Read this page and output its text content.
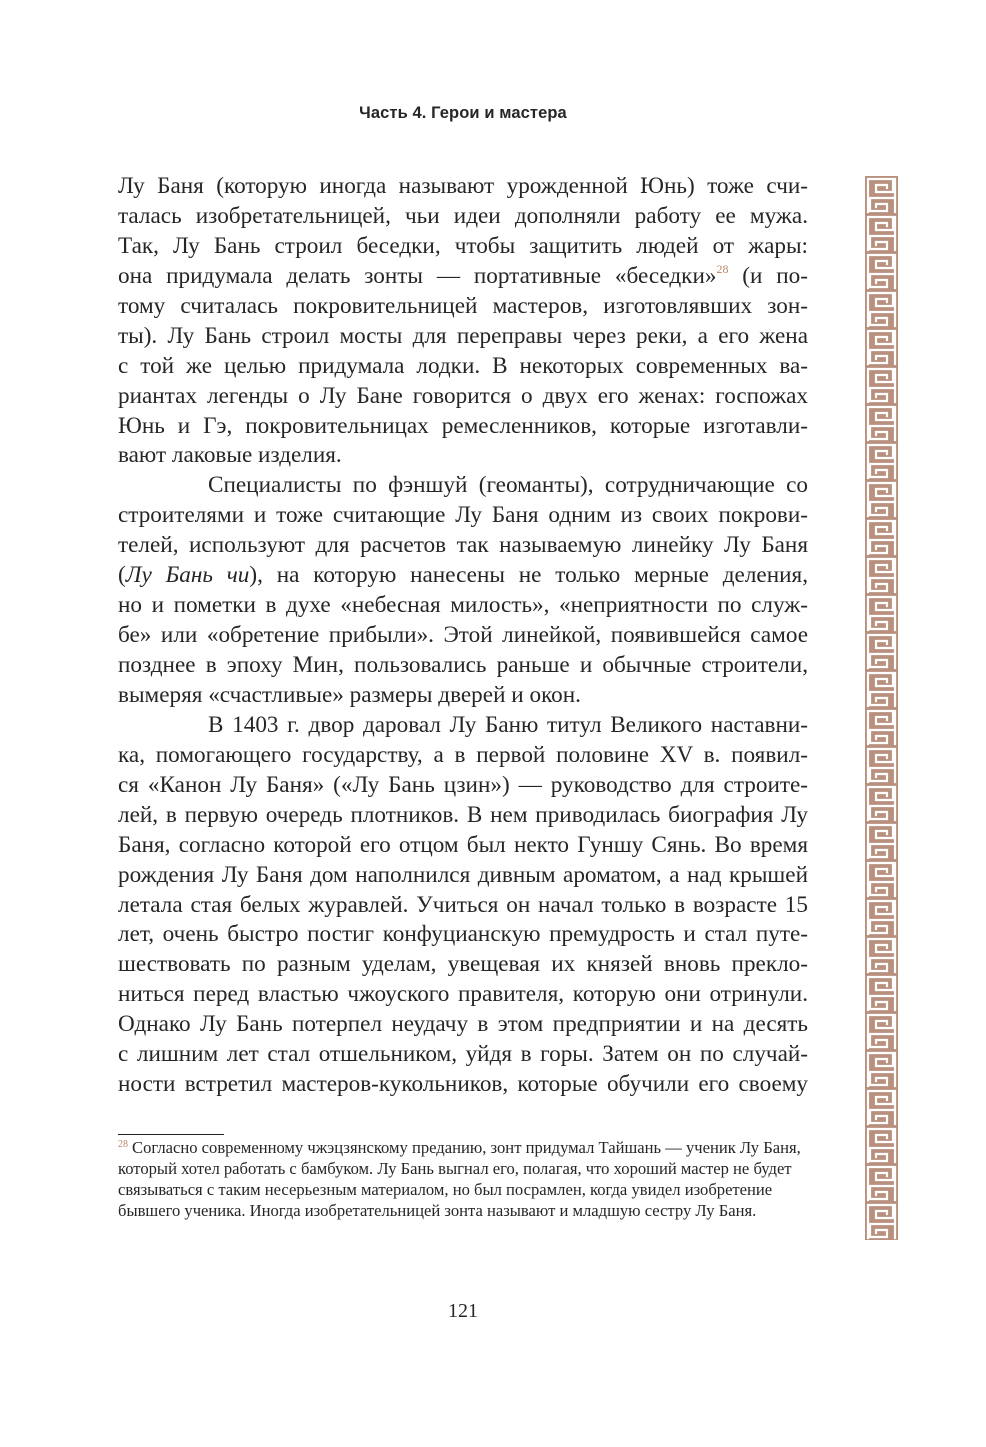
Часть 4. Герои и мастера
Лу Баня (которую иногда называют урожденной Юнь) тоже счи-
талась изобретательницей, чьи идеи дополняли работу ее мужа.
Так, Лу Бань строил беседки, чтобы защитить людей от жары:
она придумала делать зонты — портативные «беседки»$^{28}$ (и по-
тому считалась покровительницей мастеров, изготовлявших зон-
ты). Лу Бань строил мосты для переправы через реки, а его жена
с той же целью придумала лодки. В некоторых современных ва-
риантах легенды о Лу Бане говорится о двух его женах: госпожах
Юнь и Гэ, покровительницах ремесленников, которые изготавли-
вают лаковые изделия.
Специалисты по фэншуй (геоманты), сотрудничающие со
строителями и тоже считающие Лу Баня одним из своих покрови-
телей, используют для расчетов так называемую линейку Лу Баня
(Лу Бань чи), на которую нанесены не только мерные деления,
но и пометки в духе «небесная милость», «неприятности по служ-
бе» или «обретение прибыли». Этой линейкой, появившейся самое
позднее в эпоху Мин, пользовались раньше и обычные строители,
вымеряя «счастливые» размеры дверей и окон.
В 1403 г. двор даровал Лу Баню титул Великого наставни-
ка, помогающего государству, а в первой половине XV в. появил-
ся «Канон Лу Баня» («Лу Бань цзин») — руководство для строите-
лей, в первую очередь плотников. В нем приводилась биография Лу
Баня, согласно которой его отцом был некто Гуншу Сянь. Во время
рождения Лу Баня дом наполнился дивным ароматом, а над крышей
летала стая белых журавлей. Учиться он начал только в возрасте 15
лет, очень быстро постиг конфуцианскую премудрость и стал путе-
шествовать по разным уделам, увещевая их князей вновь прекло-
ниться перед властью чжоуского правителя, которую они отринули.
Однако Лу Бань потерпел неудачу в этом предприятии и на десять
с лишним лет стал отшельником, уйдя в горы. Затем он по случай-
ности встретил мастеров-кукольников, которые обучили его своему
$^{28}$ Согласно современному чжэцзянскому преданию, зонт придумал Тайшань — ученик Лу Баня, который хотел работать с бамбуком. Лу Бань выгнал его, полагая, что хороший мастер не будет связываться с таким несерьезным материалом, но был посрамлен, когда увидел изобретение бывшего ученика. Иногда изобретательницей зонта называют и младшую сестру Лу Баня.
121
